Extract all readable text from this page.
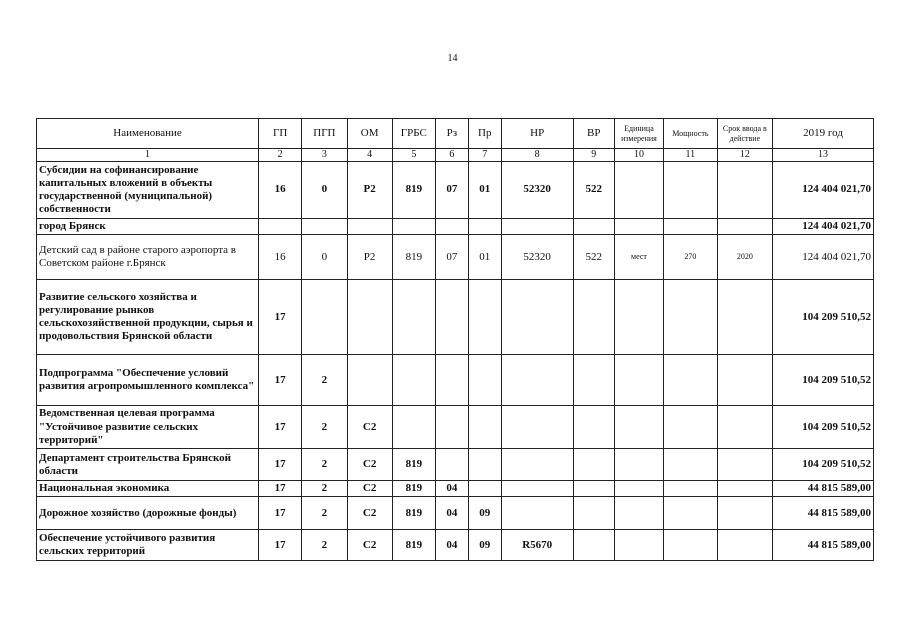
14
Наименование	ГП	ПГП	ОМ	ГРБС	Рз	Пр	НР	ВР	Единица измерения	Мощность	Срок ввода в действие	2019 год
1	2	3	4	5	6	7	8	9	10	11	12	13
Субсидии на софинансирование капитальных вложений в объекты государственной (муниципальной) собственности	16	0	P2	819	07	01	52320	522				124 404 021,70
город Брянск												124 404 021,70
Детский сад в районе старого аэропорта в Советском районе г.Брянск	16	0	P2	819	07	01	52320	522	мест	270	2020	124 404 021,70
Развитие сельского хозяйства и регулирование рынков сельскохозяйственной продукции, сырья и продовольствия Брянской области	17											104 209 510,52
Подпрограмма "Обеспечение условий развития агропромышленного комплекса"	17	2										104 209 510,52
Ведомственная целевая программа "Устойчивое развитие сельских территорий"	17	2	C2									104 209 510,52
Департамент строительства Брянской области	17	2	C2	819								104 209 510,52
Национальная экономика	17	2	C2	819	04							44 815 589,00
Дорожное хозяйство (дорожные фонды)	17	2	C2	819	04	09						44 815 589,00
Обеспечение устойчивого развития сельских территорий	17	2	C2	819	04	09	R5670					44 815 589,00
